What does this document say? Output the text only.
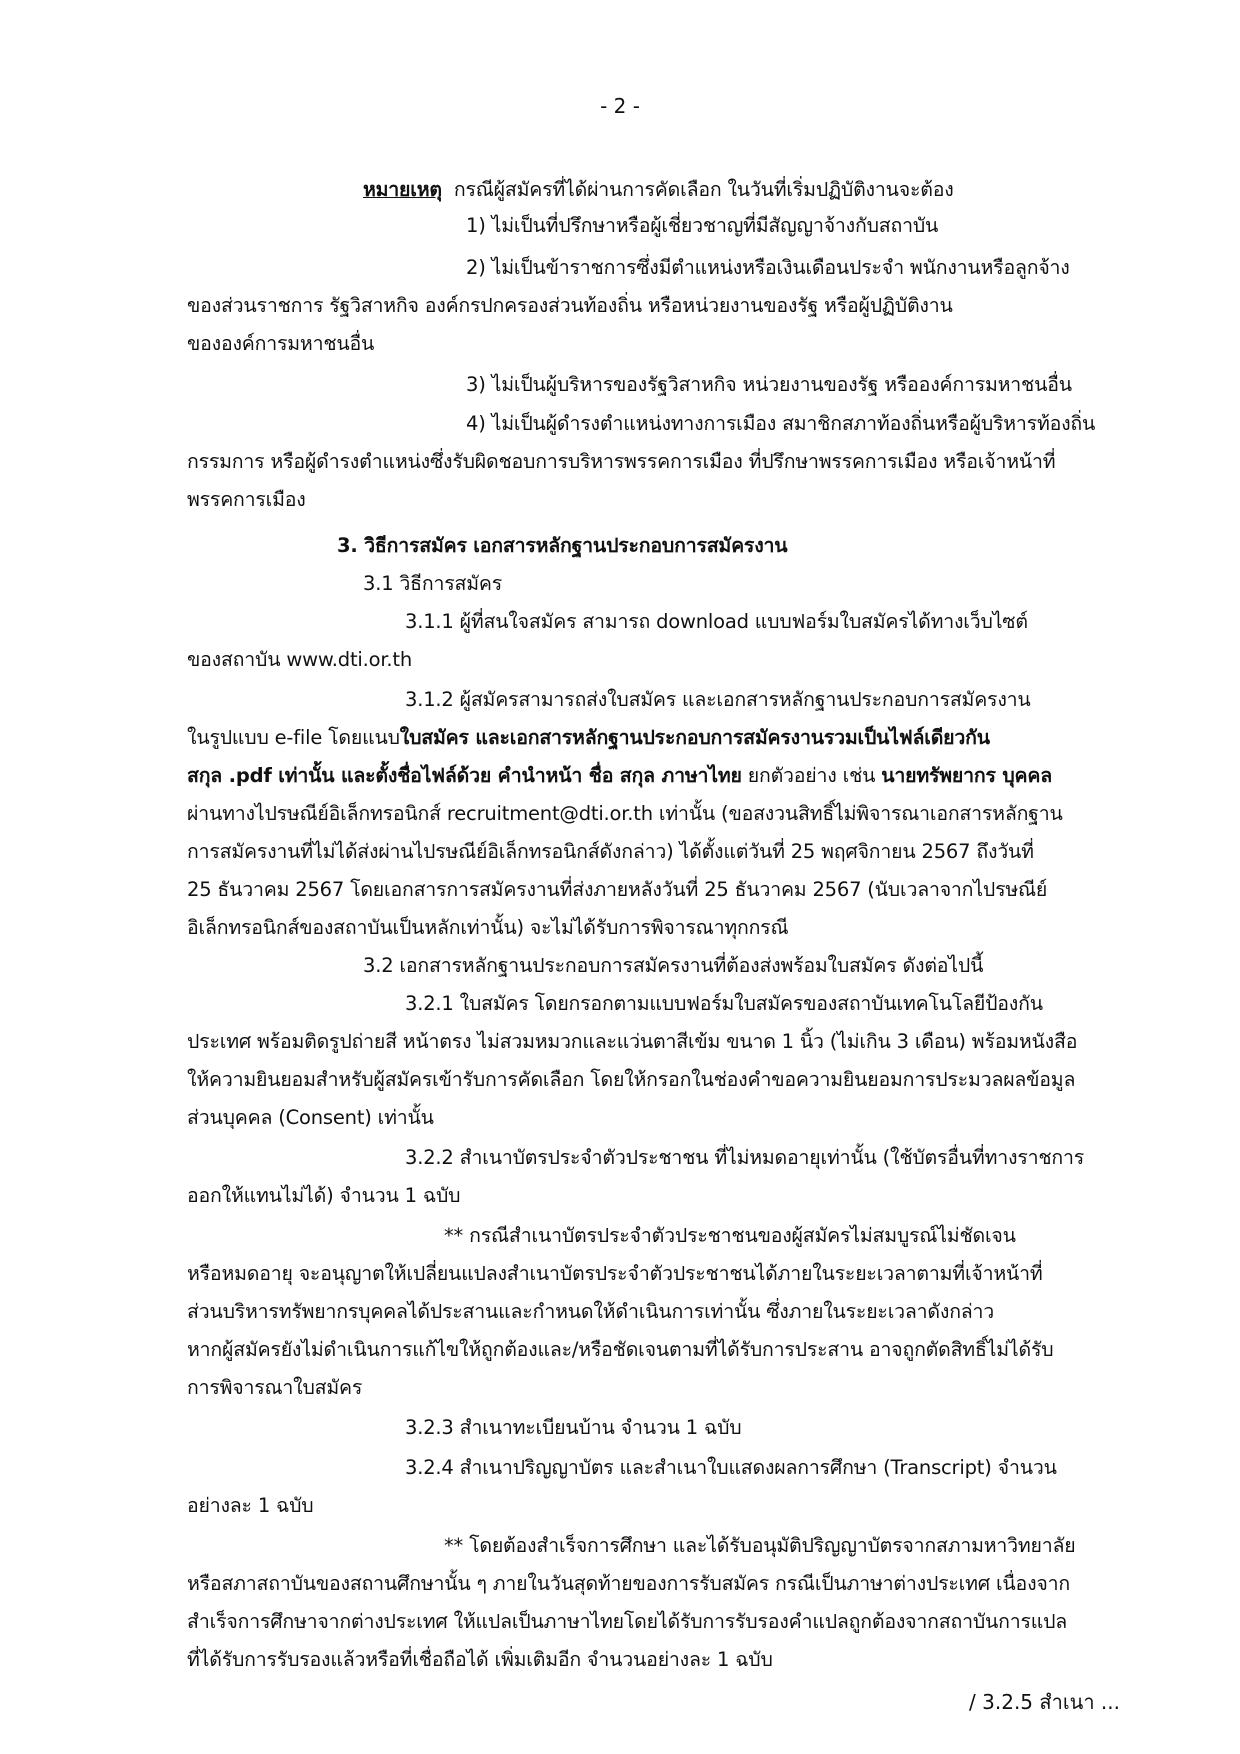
- 2 -
หมายเหตุ กรณีผู้สมัครที่ได้ผ่านการคัดเลือก ในวันที่เริ่มปฏิบัติงานจะต้อง
1) ไม่เป็นที่ปรึกษาหรือผู้เชี่ยวชาญที่มีสัญญาจ้างกับสถาบัน
2) ไม่เป็นข้าราชการซึ่งมีตำแหน่งหรือเงินเดือนประจำ พนักงานหรือลูกจ้าง
ของส่วนราชการ รัฐวิสาหกิจ องค์กรปกครองส่วนท้องถิ่น หรือหน่วยงานของรัฐ หรือผู้ปฏิบัติงาน
ขององค์การมหาชนอื่น
3) ไม่เป็นผู้บริหารของรัฐวิสาหกิจ หน่วยงานของรัฐ หรือองค์การมหาชนอื่น
4) ไม่เป็นผู้ดำรงตำแหน่งทางการเมือง สมาชิกสภาท้องถิ่นหรือผู้บริหารท้องถิ่น
กรรมการ หรือผู้ดำรงตำแหน่งซึ่งรับผิดชอบการบริหารพรรคการเมือง ที่ปรึกษาพรรคการเมือง หรือเจ้าหน้าที่
พรรคการเมือง
3. วิธีการสมัคร เอกสารหลักฐานประกอบการสมัครงาน
3.1 วิธีการสมัคร
3.1.1 ผู้ที่สนใจสมัคร สามารถ download แบบฟอร์มใบสมัครได้ทางเว็บไซต์
ของสถาบัน www.dti.or.th
3.1.2 ผู้สมัครสามารถส่งใบสมัคร และเอกสารหลักฐานประกอบการสมัครงาน
ในรูปแบบ e-file โดยแนบใบสมัคร และเอกสารหลักฐานประกอบการสมัครงานรวมเป็นไฟล์เดียวกัน
สกุล .pdf เท่านั้น และตั้งชื่อไฟล์ด้วย คำนำหน้า ชื่อ สกุล ภาษาไทย ยกตัวอย่าง เช่น นายทรัพยากร บุคคล
ผ่านทางไปรษณีย์อิเล็กทรอนิกส์ recruitment@dti.or.th เท่านั้น (ขอสงวนสิทธิ์ไม่พิจารณาเอกสารหลักฐาน
การสมัครงานที่ไม่ได้ส่งผ่านไปรษณีย์อิเล็กทรอนิกส์ดังกล่าว) ได้ตั้งแต่วันที่ 25 พฤศจิกายน 2567 ถึงวันที่
25 ธันวาคม 2567 โดยเอกสารการสมัครงานที่ส่งภายหลังวันที่ 25 ธันวาคม 2567 (นับเวลาจากไปรษณีย์
อิเล็กทรอนิกส์ของสถาบันเป็นหลักเท่านั้น) จะไม่ได้รับการพิจารณาทุกกรณี
3.2 เอกสารหลักฐานประกอบการสมัครงานที่ต้องส่งพร้อมใบสมัคร ดังต่อไปนี้
3.2.1 ใบสมัคร โดยกรอกตามแบบฟอร์มใบสมัครของสถาบันเทคโนโลยีป้องกัน
ประเทศ พร้อมติดรูปถ่ายสี หน้าตรง ไม่สวมหมวกและแว่นตาสีเข้ม ขนาด 1 นิ้ว (ไม่เกิน 3 เดือน) พร้อมหนังสือ
ให้ความยินยอมสำหรับผู้สมัครเข้ารับการคัดเลือก โดยให้กรอกในช่องคำขอความยินยอมการประมวลผลข้อมูล
ส่วนบุคคล (Consent) เท่านั้น
3.2.2 สำเนาบัตรประจำตัวประชาชน ที่ไม่หมดอายุเท่านั้น (ใช้บัตรอื่นที่ทางราชการ
ออกให้แทนไม่ได้) จำนวน 1 ฉบับ
** กรณีสำเนาบัตรประจำตัวประชาชนของผู้สมัครไม่สมบูรณ์ไม่ชัดเจน
หรือหมดอายุ จะอนุญาตให้เปลี่ยนแปลงสำเนาบัตรประจำตัวประชาชนได้ภายในระยะเวลาตามที่เจ้าหน้าที่
ส่วนบริหารทรัพยากรบุคคลได้ประสานและกำหนดให้ดำเนินการเท่านั้น ซึ่งภายในระยะเวลาดังกล่าว
หากผู้สมัครยังไม่ดำเนินการแก้ไขให้ถูกต้องและ/หรือชัดเจนตามที่ได้รับการประสาน อาจถูกตัดสิทธิ์ไม่ได้รับ
การพิจารณาใบสมัคร
3.2.3 สำเนาทะเบียนบ้าน จำนวน 1 ฉบับ
3.2.4 สำเนาปริญญาบัตร และสำเนาใบแสดงผลการศึกษา (Transcript) จำนวน
อย่างละ 1 ฉบับ
** โดยต้องสำเร็จการศึกษา และได้รับอนุมัติปริญญาบัตรจากสภามหาวิทยาลัย
หรือสภาสถาบันของสถานศึกษานั้น ๆ ภายในวันสุดท้ายของการรับสมัคร กรณีเป็นภาษาต่างประเทศ เนื่องจาก
สำเร็จการศึกษาจากต่างประเทศ ให้แปลเป็นภาษาไทยโดยได้รับการรับรองคำแปลถูกต้องจากสถาบันการแปล
ที่ได้รับการรับรองแล้วหรือที่เชื่อถือได้ เพิ่มเติมอีก จำนวนอย่างละ 1 ฉบับ
/ 3.2.5 สำเนา ...
